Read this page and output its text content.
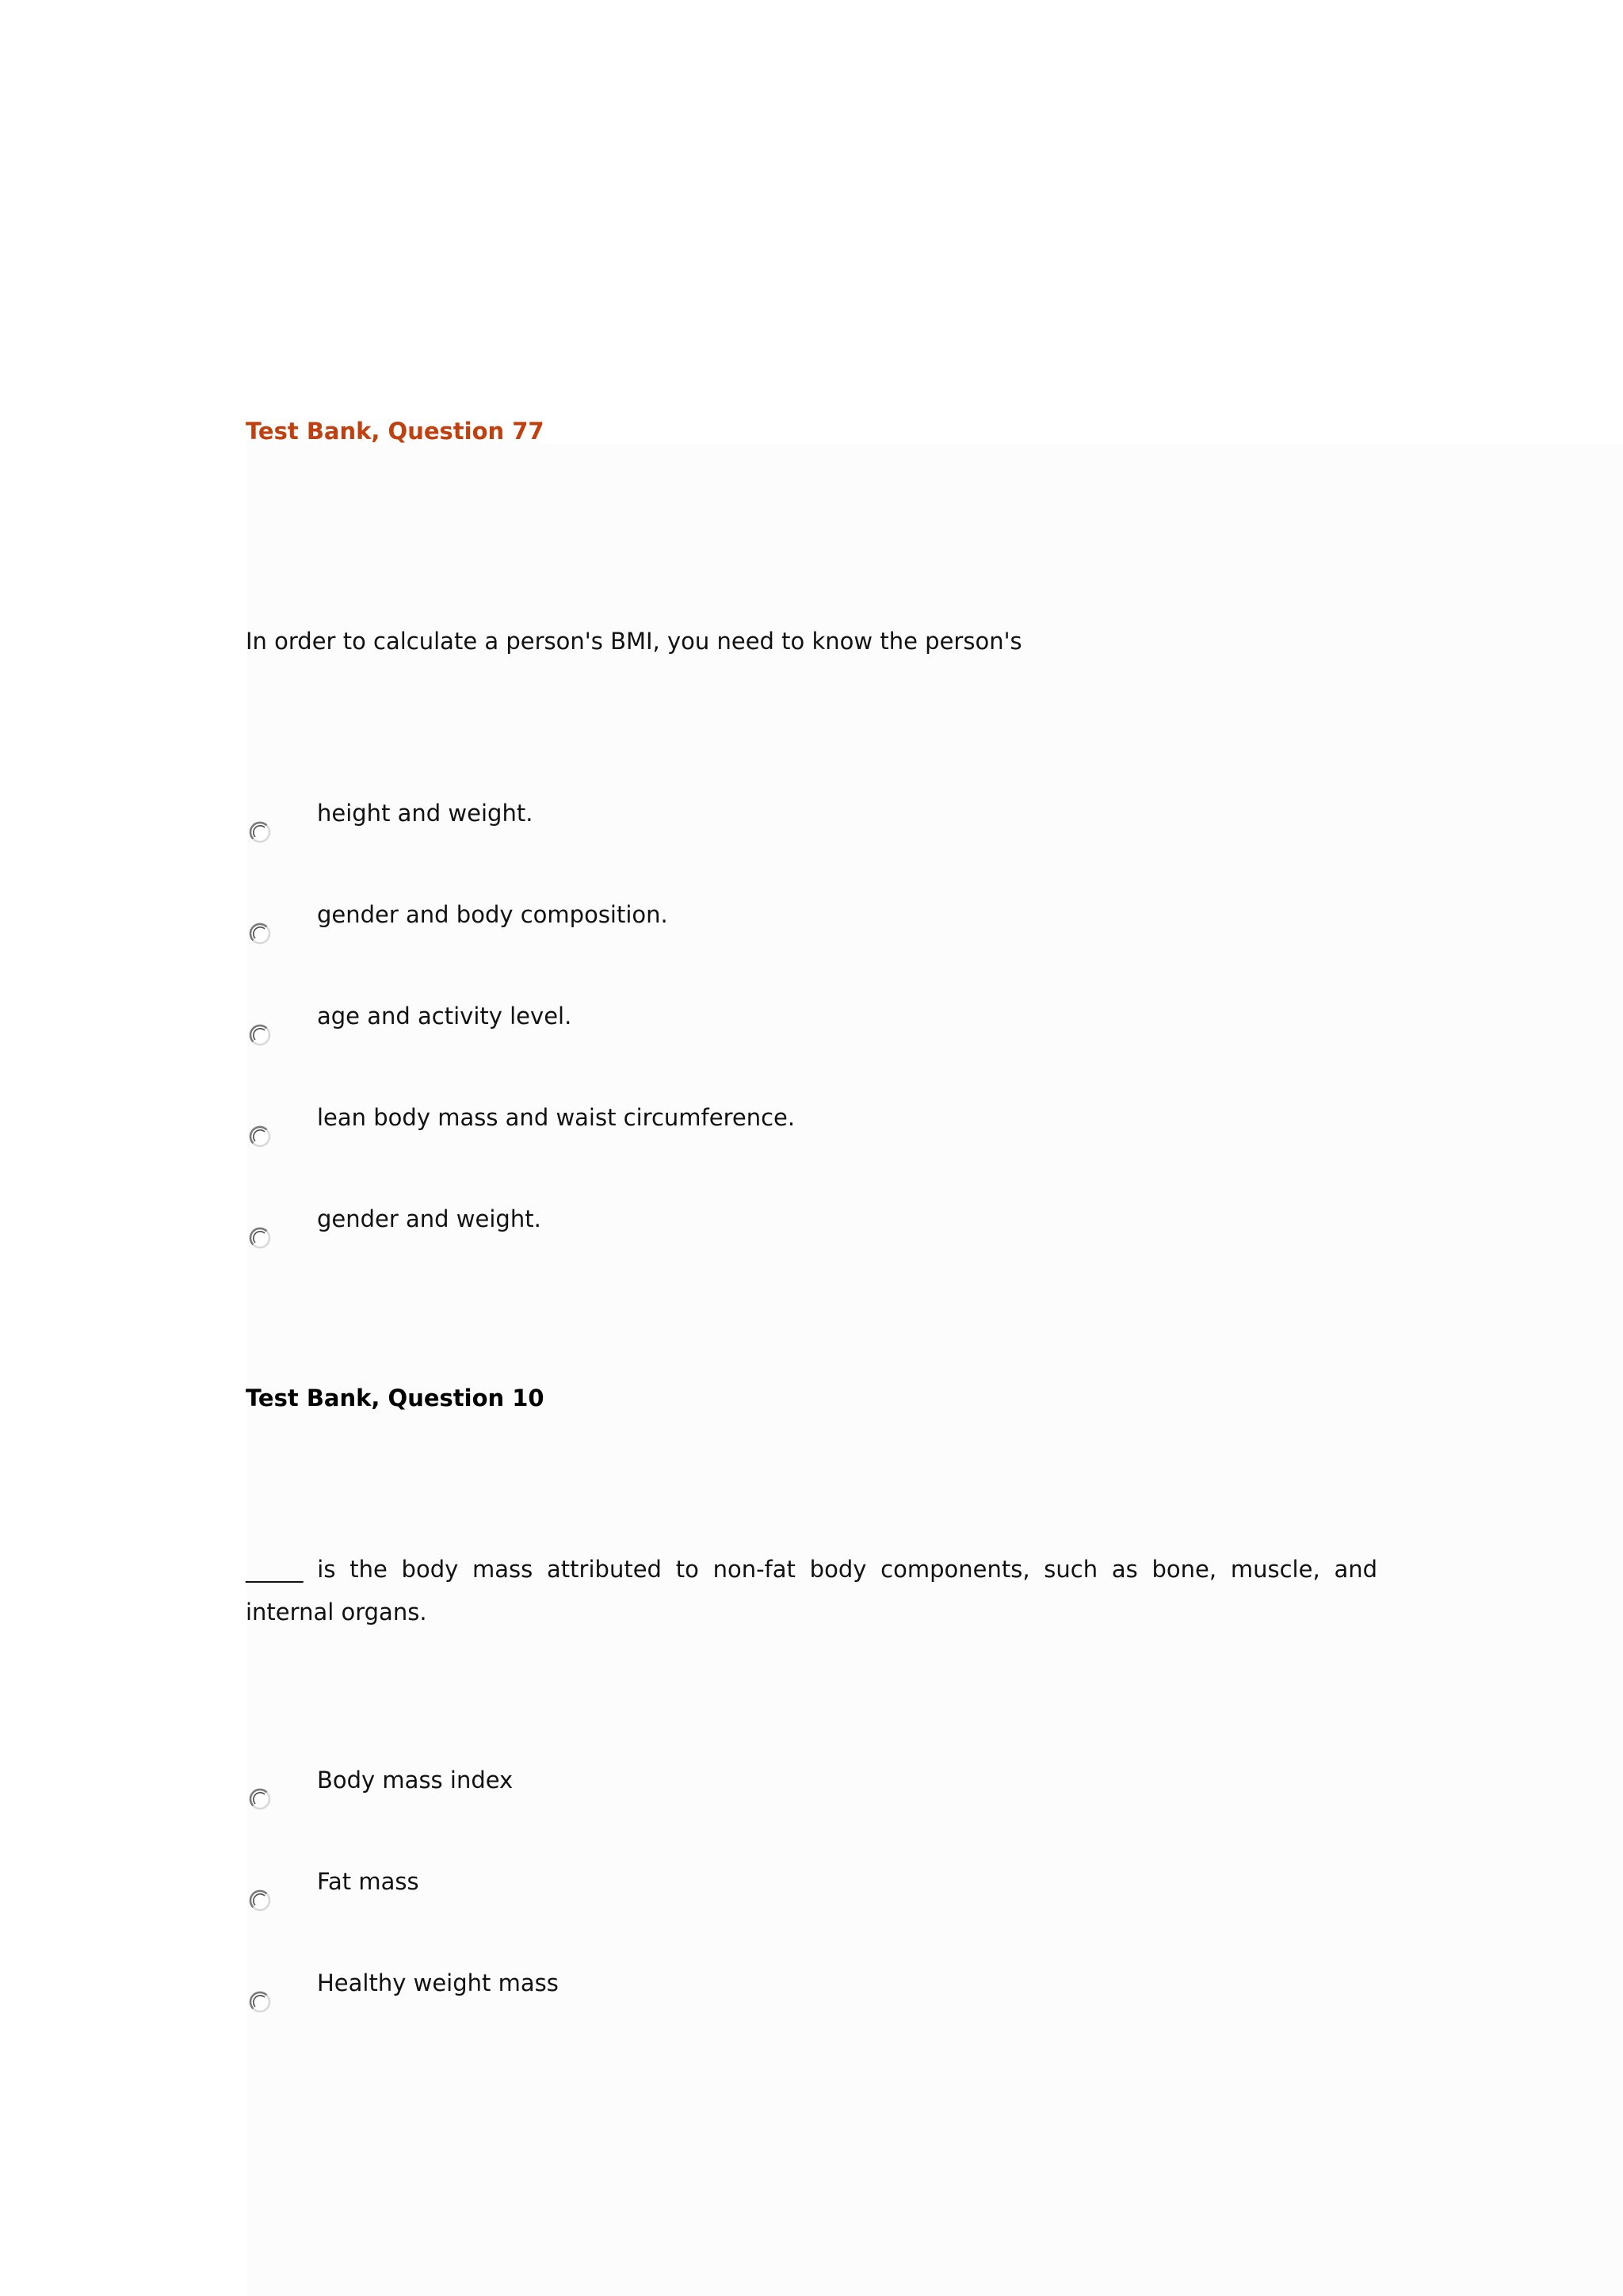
Test Bank, Question 77

In order to calculate a person's BMI, you need to know the person's

height and weight.
gender and body composition.
age and activity level.
lean body mass and waist circumference.
gender and weight.
Test Bank, Question 10

_____ is the body mass attributed to non-fat body components, such as bone, muscle, and internal organs.

Body mass index
Fat mass
Healthy weight mass
